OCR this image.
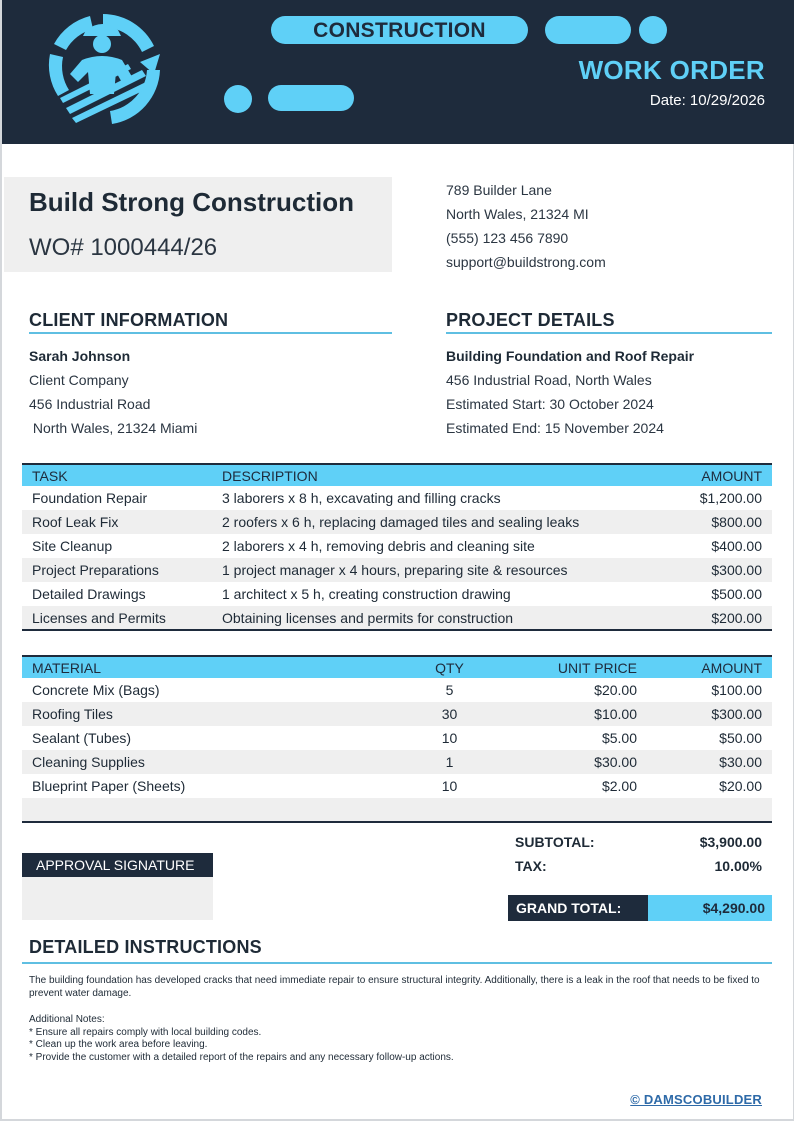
CONSTRUCTION
WORK ORDER
Date: 10/29/2026
Build Strong Construction
WO# 1000444/26
789 Builder Lane
North Wales, 21324 MI
(555) 123 456 7890
support@buildstrong.com
CLIENT INFORMATION	PROJECT DETAILS
Sarah Johnson
Client Company
456 Industrial Road
North Wales, 21324 Miami
Building Foundation and Roof Repair
456 Industrial Road, North Wales
Estimated Start: 30 October 2024
Estimated End: 15 November 2024
TASK	DESCRIPTION	AMOUNT
Foundation Repair	3 laborers x 8 h, excavating and filling cracks	$1,200.00
Roof Leak Fix	2 roofers x 6 h, replacing damaged tiles and sealing leaks	$800.00
Site Cleanup	2 laborers x 4 h, removing debris and cleaning site	$400.00
Project Preparations	1 project manager x 4 hours, preparing site & resources	$300.00
Detailed Drawings	1 architect x 5 h, creating construction drawing	$500.00
Licenses and Permits	Obtaining licenses and permits for construction	$200.00
MATERIAL	QTY	UNIT PRICE	AMOUNT
Concrete Mix (Bags)	5	$20.00	$100.00
Roofing Tiles	30	$10.00	$300.00
Sealant (Tubes)	10	$5.00	$50.00
Cleaning Supplies	1	$30.00	$30.00
Blueprint Paper (Sheets)	10	$2.00	$20.00

SUBTOTAL:	$3,900.00
TAX:	10.00%
GRAND TOTAL:	$4,290.00
APPROVAL SIGNATURE
DETAILED INSTRUCTIONS
The building foundation has developed cracks that need immediate repair to ensure structural integrity. Additionally, there is a leak in the roof that needs to be fixed to prevent water damage.
Additional Notes:
* Ensure all repairs comply with local building codes.
* Clean up the work area before leaving.
* Provide the customer with a detailed report of the repairs and any necessary follow-up actions.
© DAMSCOBUILDER
